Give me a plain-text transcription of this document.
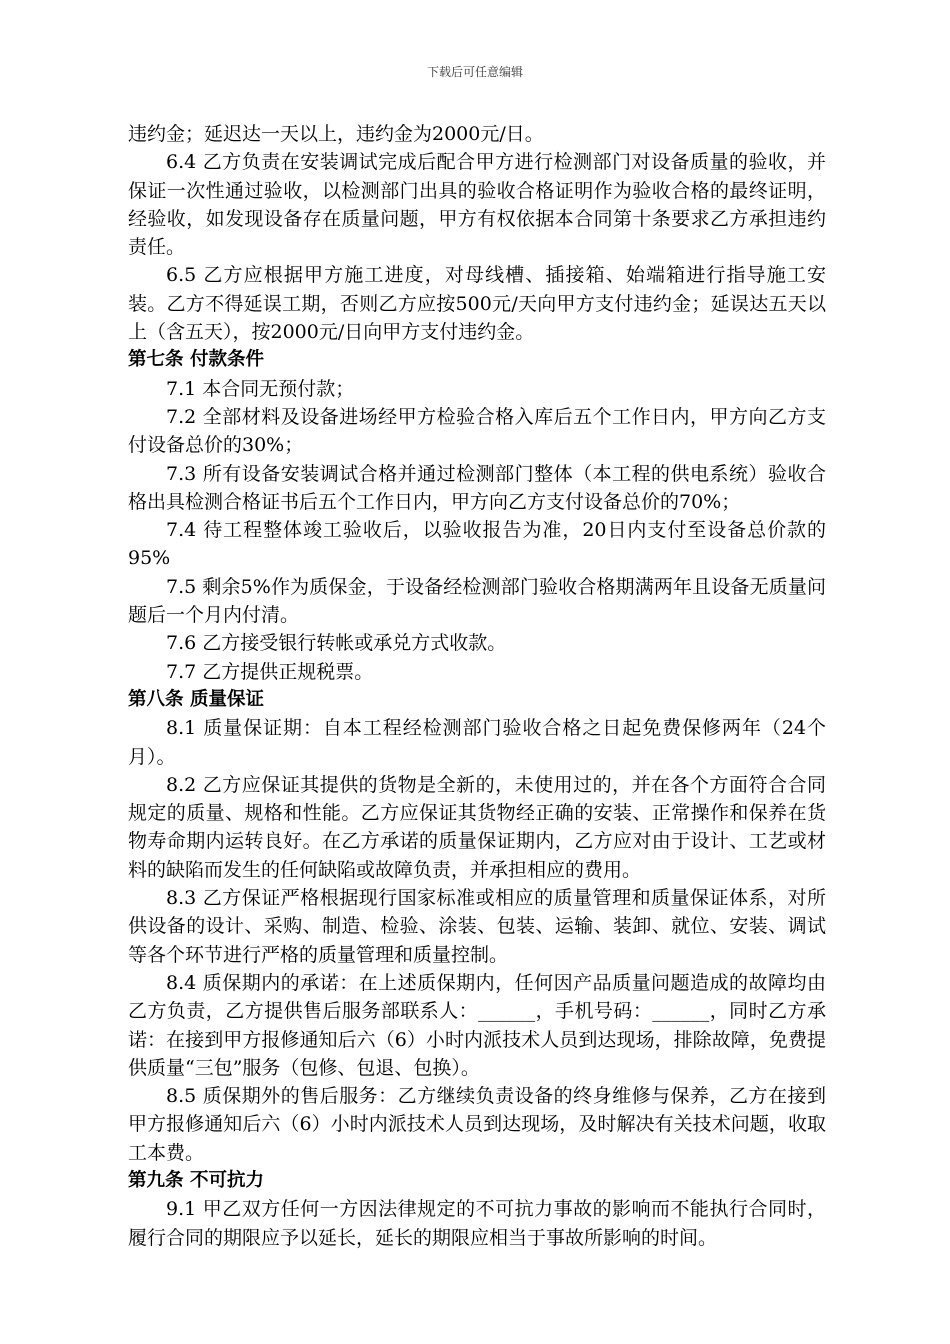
下载后可任意编辑

违约金；延迟达一天以上，违约金为2000元/日。

6.4 乙方负责在安装调试完成后配合甲方进行检测部门对设备质量的验收，并保证一次性通过验收，以检测部门出具的验收合格证明作为验收合格的最终证明，经验收，如发现设备存在质量问题，甲方有权依据本合同第十条要求乙方承担违约责任。

6.5 乙方应根据甲方施工进度，对母线槽、插接箱、始端箱进行指导施工安装。乙方不得延误工期，否则乙方应按500元/天向甲方支付违约金；延误达五天以上（含五天），按2000元/日向甲方支付违约金。

第七条 付款条件

7.1 本合同无预付款；

7.2 全部材料及设备进场经甲方检验合格入库后五个工作日内，甲方向乙方支付设备总价的30%；

7.3 所有设备安装调试合格并通过检测部门整体（本工程的供电系统）验收合格出具检测合格证书后五个工作日内，甲方向乙方支付设备总价的70%；

7.4 待工程整体竣工验收后，以验收报告为准，20日内支付至设备总价款的95%

7.5 剩余5%作为质保金，于设备经检测部门验收合格期满两年且设备无质量问题后一个月内付清。

7.6 乙方接受银行转帐或承兑方式收款。

7.7 乙方提供正规税票。

第八条 质量保证

8.1 质量保证期：自本工程经检测部门验收合格之日起免费保修两年（24个月）。

8.2 乙方应保证其提供的货物是全新的，未使用过的，并在各个方面符合合同规定的质量、规格和性能。乙方应保证其货物经正确的安装、正常操作和保养在货物寿命期内运转良好。在乙方承诺的质量保证期内，乙方应对由于设计、工艺或材料的缺陷而发生的任何缺陷或故障负责，并承担相应的费用。

8.3 乙方保证严格根据现行国家标准或相应的质量管理和质量保证体系，对所供设备的设计、采购、制造、检验、涂装、包装、运输、装卸、就位、安装、调试等各个环节进行严格的质量管理和质量控制。

8.4 质保期内的承诺：在上述质保期内，任何因产品质量问题造成的故障均由乙方负责，乙方提供售后服务部联系人：______，手机号码：______，同时乙方承诺：在接到甲方报修通知后六（6）小时内派技术人员到达现场，排除故障，免费提供质量“三包”服务（包修、包退、包换）。

8.5 质保期外的售后服务：乙方继续负责设备的终身维修与保养，乙方在接到甲方报修通知后六（6）小时内派技术人员到达现场，及时解决有关技术问题，收取工本费。

第九条 不可抗力

9.1 甲乙双方任何一方因法律规定的不可抗力事故的影响而不能执行合同时，履行合同的期限应予以延长，延长的期限应相当于事故所影响的时间。
